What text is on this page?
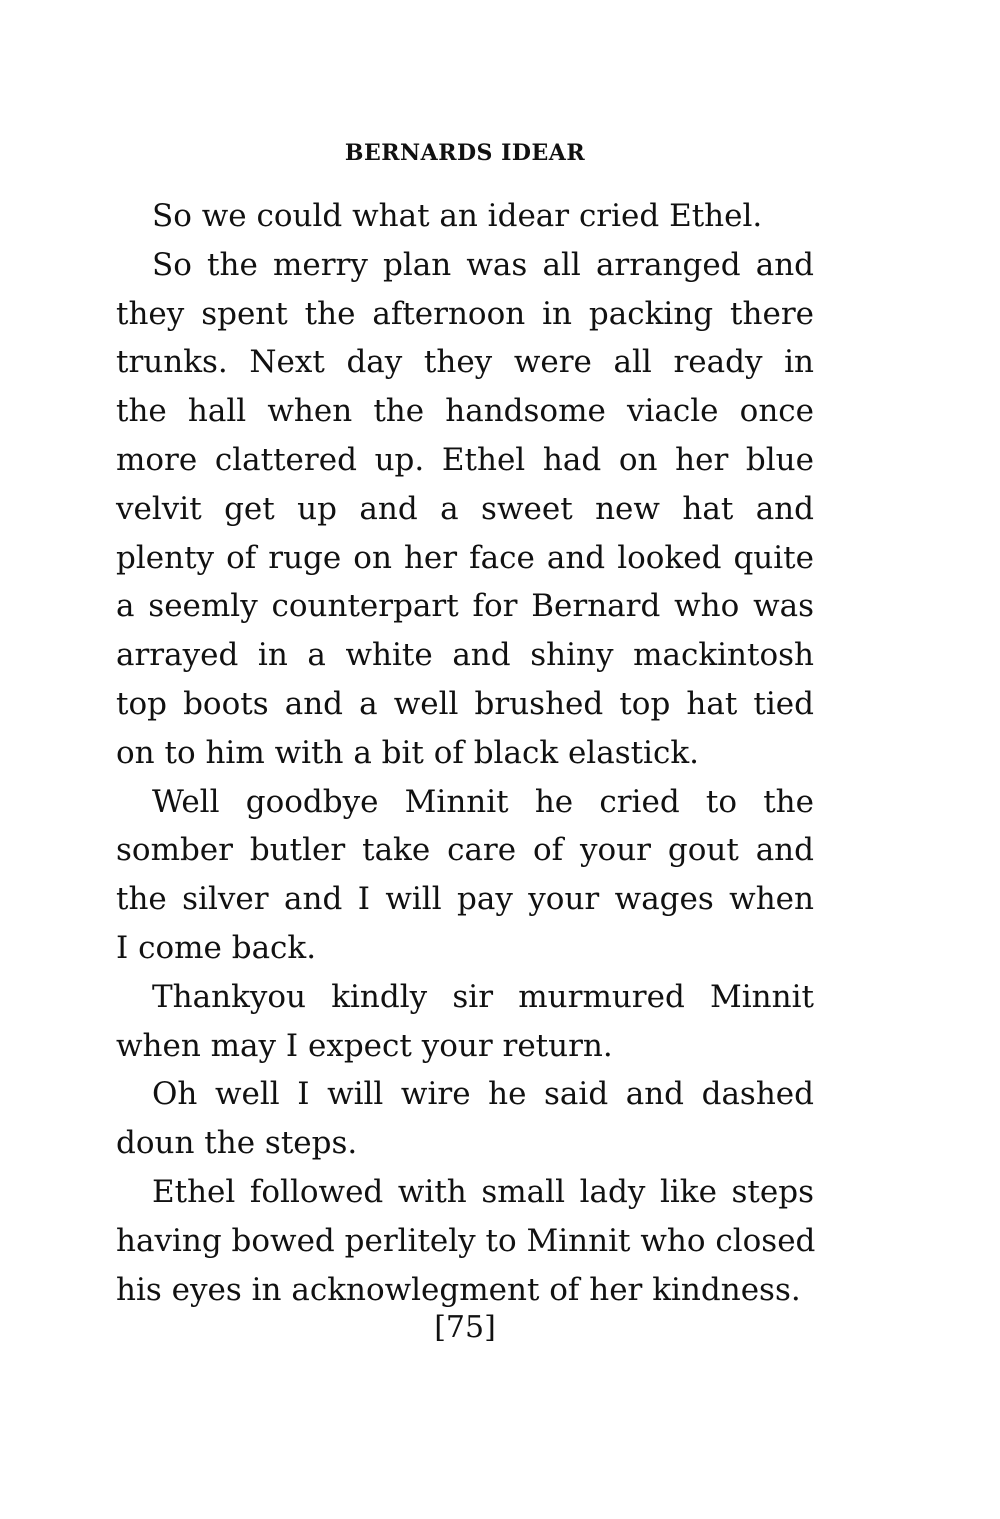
BERNARDS IDEAR

So we could what an idear cried Ethel.

So the merry plan was all arranged and
they spent the afternoon in packing there
trunks. Next day they were all ready in
the hall when the handsome viacle once
more clattered up. Ethel had on her blue
velvit get up and a sweet new hat and
plenty of ruge on her face and looked quite
a seemly counterpart for Bernard who was
arrayed in a white and shiny mackintosh
top boots and a well brushed top hat tied
on to him with a bit of black elastick.

Well goodbye Minnit he cried to the
somber butler take care of your gout and
the silver and I will pay your wages when
I come back.

Thankyou kindly sir murmured Minnit
when may I expect your return.

Oh well I will wire he said and dashed
doun the steps.

Ethel followed with small lady like steps
having bowed perlitely to Minnit who closed
his eyes in acknowlegment of her kindness.

[75]
